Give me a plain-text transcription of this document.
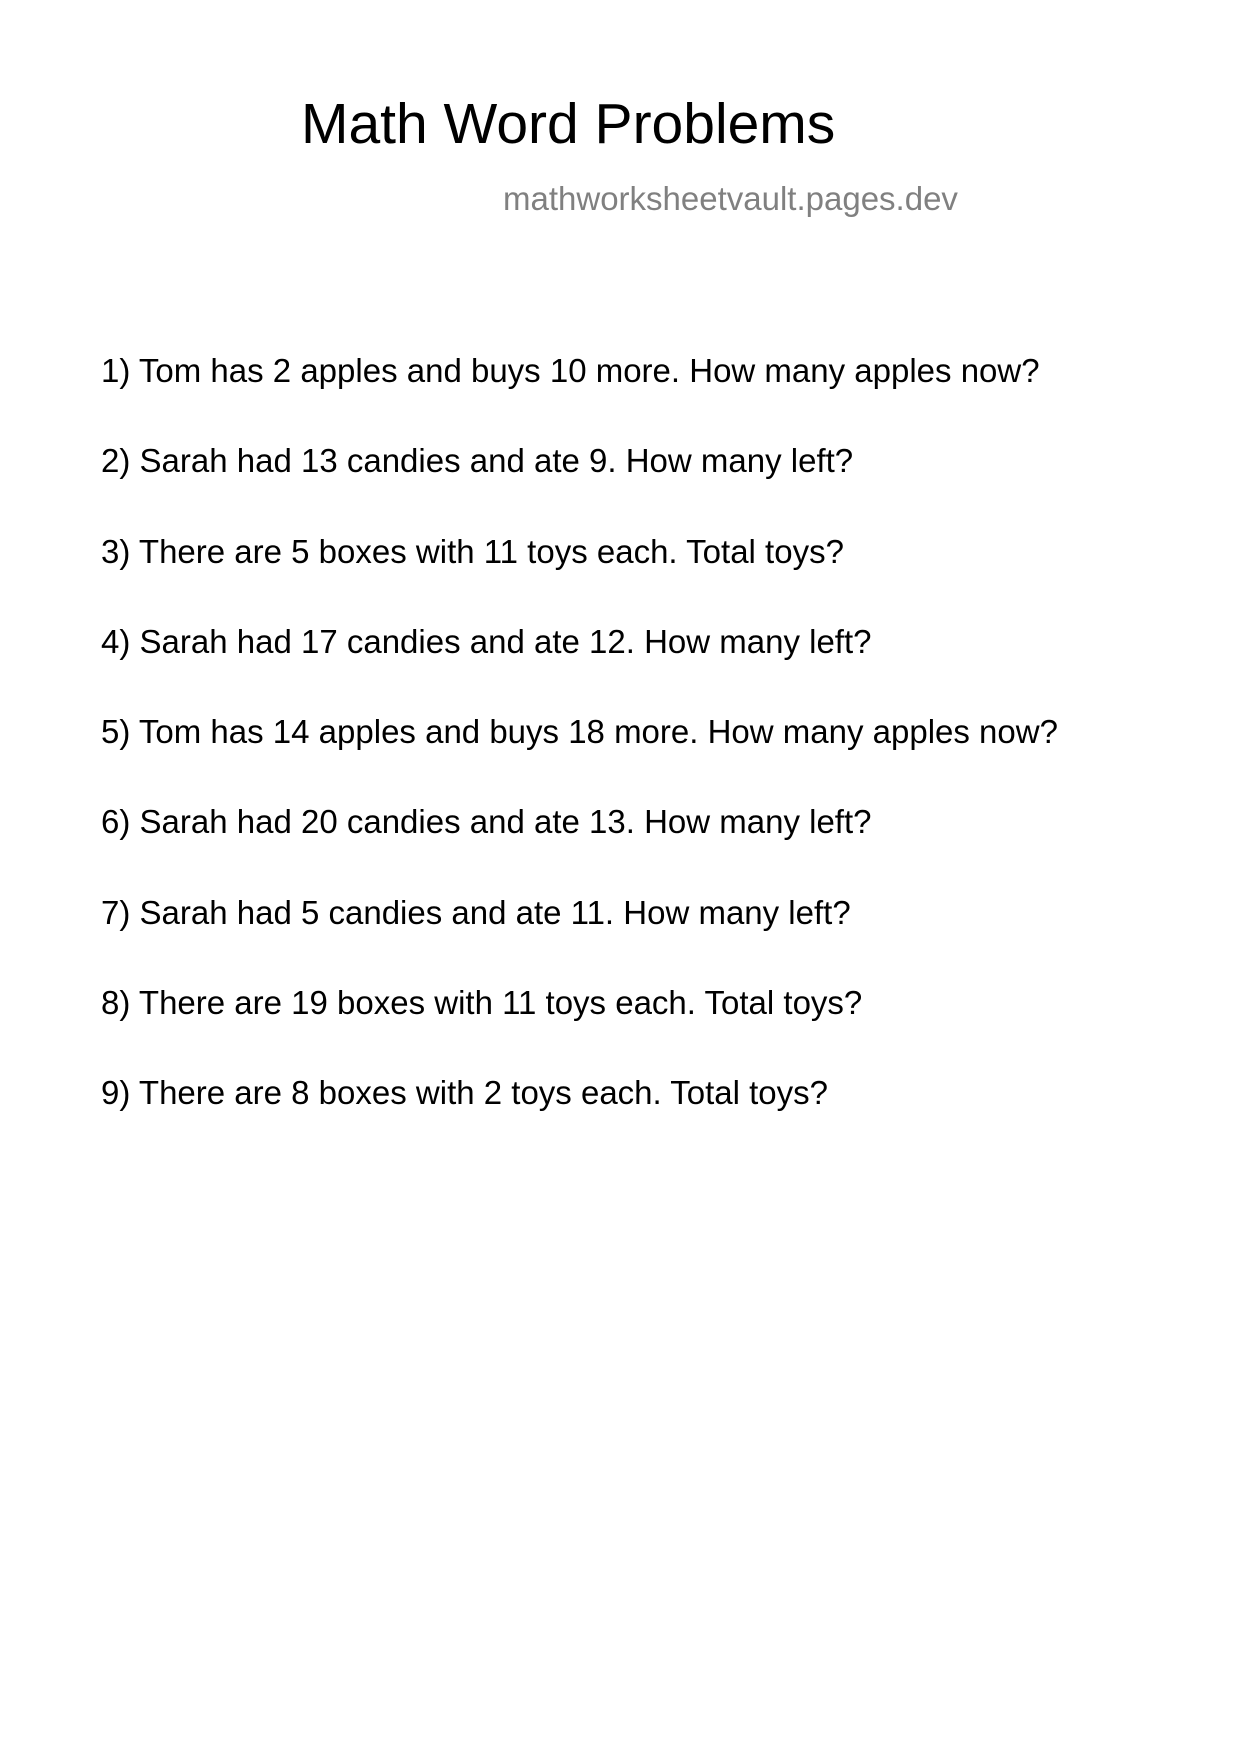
Math Word Problems
mathworksheetvault.pages.dev
1) Tom has 2 apples and buys 10 more. How many apples now?
2) Sarah had 13 candies and ate 9. How many left?
3) There are 5 boxes with 11 toys each. Total toys?
4) Sarah had 17 candies and ate 12. How many left?
5) Tom has 14 apples and buys 18 more. How many apples now?
6) Sarah had 20 candies and ate 13. How many left?
7) Sarah had 5 candies and ate 11. How many left?
8) There are 19 boxes with 11 toys each. Total toys?
9) There are 8 boxes with 2 toys each. Total toys?
